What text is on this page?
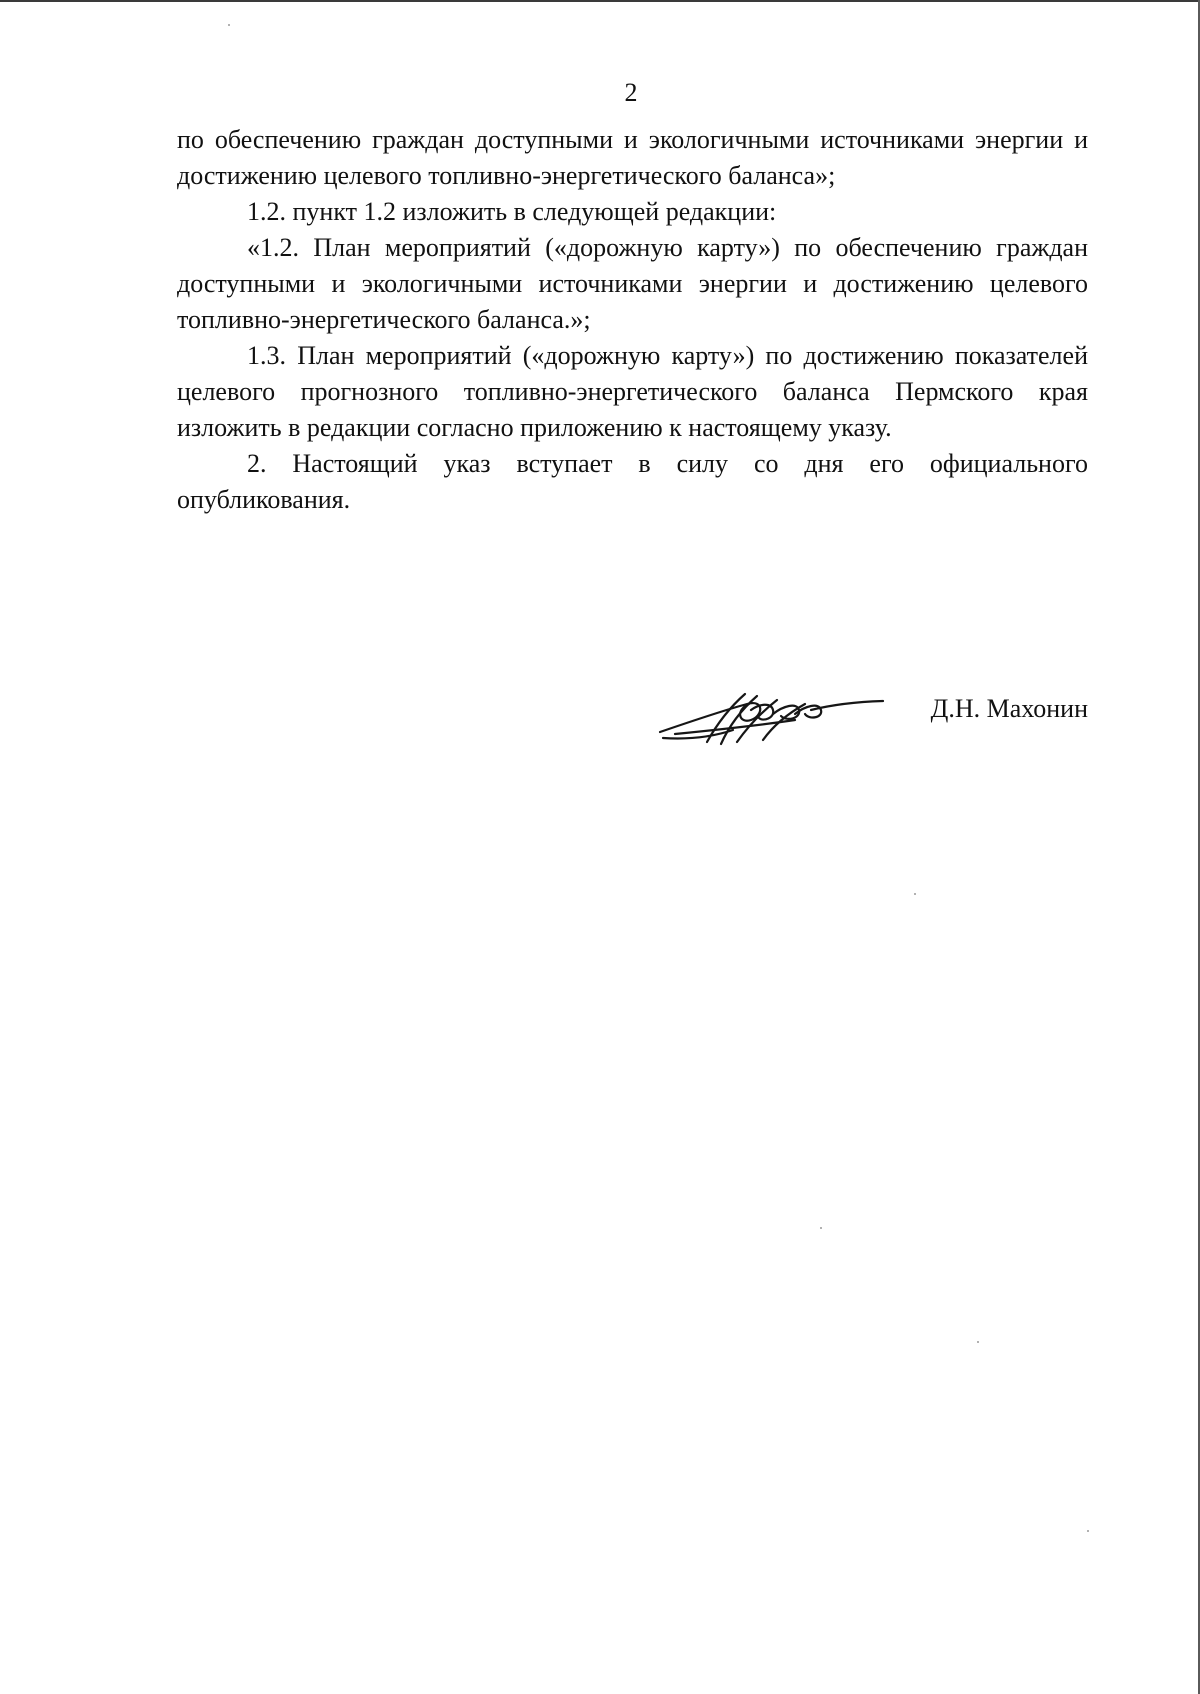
2

по обеспечению граждан доступными и экологичными источниками энергии и достижению целевого топливно-энергетического баланса»;

1.2. пункт 1.2 изложить в следующей редакции:

«1.2. План мероприятий («дорожную карту») по обеспечению граждан доступными и экологичными источниками энергии и достижению целевого топливно-энергетического баланса.»;

1.3. План мероприятий («дорожную карту») по достижению показателей целевого прогнозного топливно-энергетического баланса Пермского края изложить в редакции согласно приложению к настоящему указу.

2. Настоящий указ вступает в силу со дня его официального опубликования.

Д.Н. Махонин
